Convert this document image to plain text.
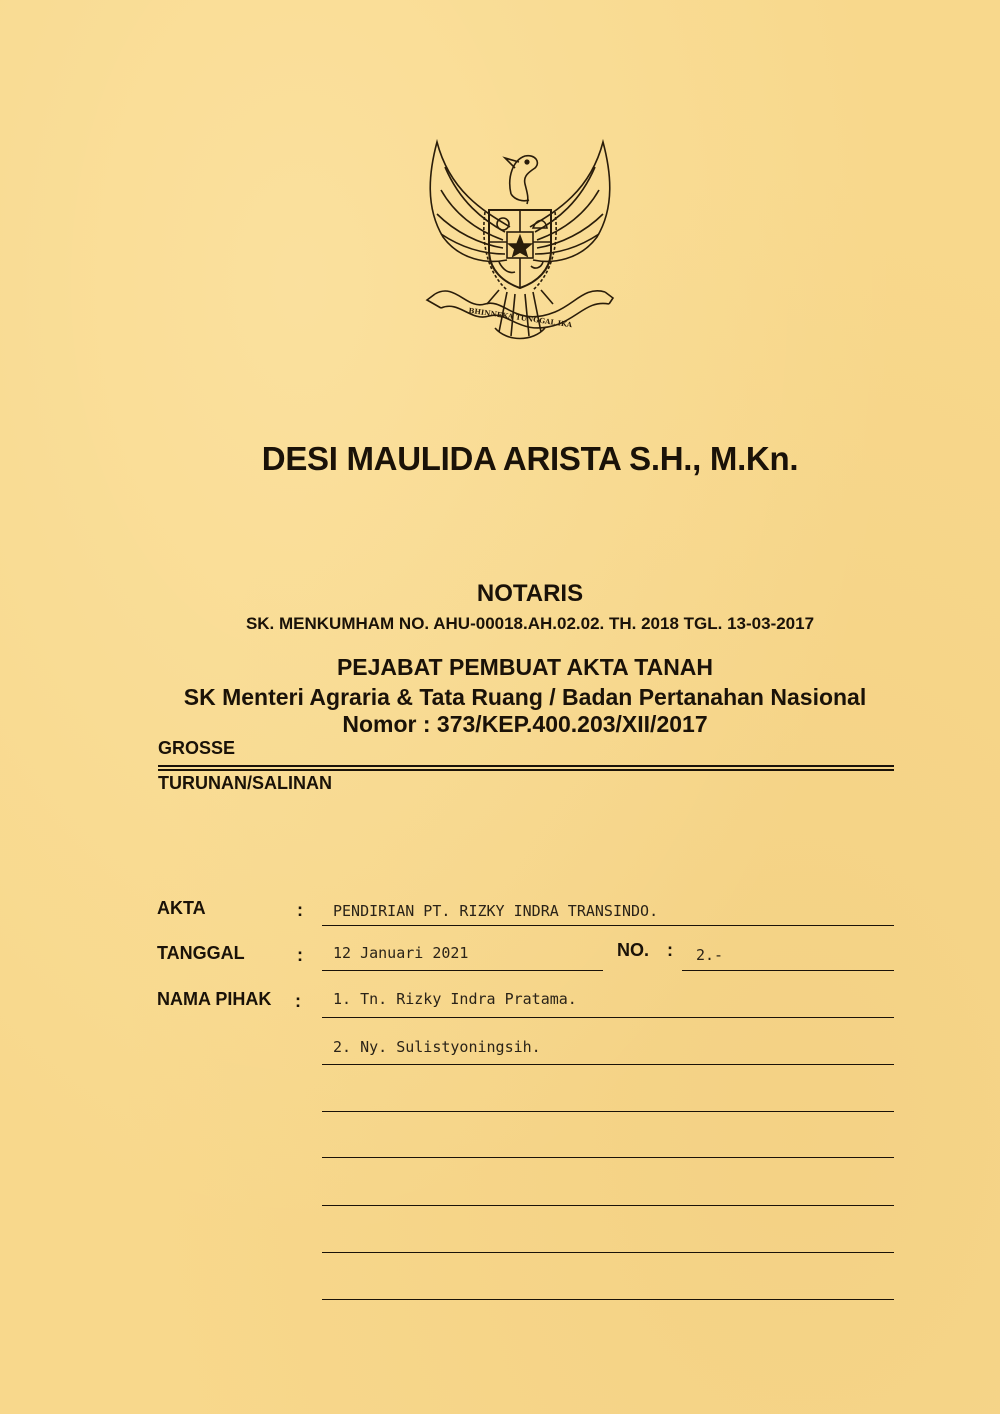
BHINNEKA TUNGGAL IKA
DESI MAULIDA ARISTA S.H., M.Kn.
NOTARIS
SK. MENKUMHAM NO. AHU-00018.AH.02.02. TH. 2018 TGL. 13-03-2017
PEJABAT PEMBUAT AKTA TANAH
SK Menteri Agraria & Tata Ruang / Badan Pertanahan Nasional
Nomor : 373/KEP.400.203/XII/2017
GROSSE
TURUNAN/SALINAN
AKTA	: PENDIRIAN PT. RIZKY INDRA TRANSINDO.
TANGGAL	: 12 Januari 2021	NO. : 2.-
NAMA PIHAK : 1. Tn. Rizky Indra Pratama.
2. Ny. Sulistyoningsih.
